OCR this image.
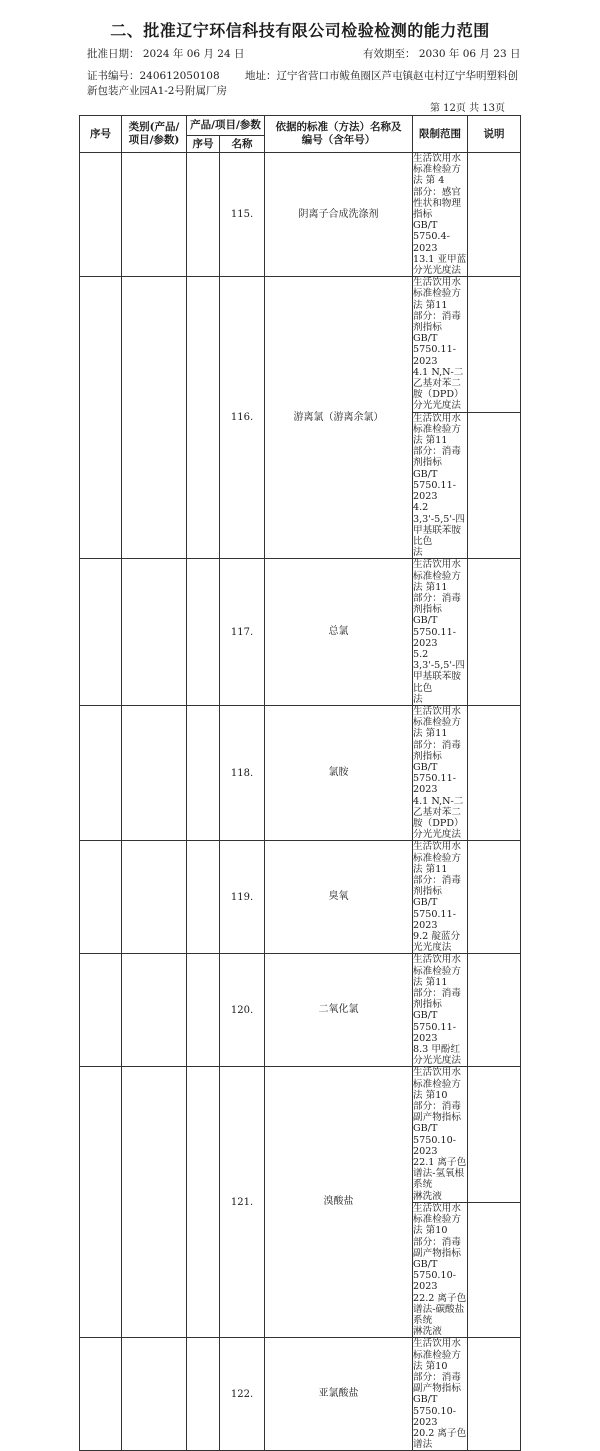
二、批准辽宁环信科技有限公司检验检测的能力范围
批准日期： 2024 年 06 月 24 日	有效期至： 2030 年 06 月 23 日
证书编号：240612050108 地址：辽宁省营口市鲅鱼圈区芦屯镇赵屯村辽宁华明塑料创
新包装产业园A1-2号附属厂房
第 12页 共 13页
序号	类别(产品/项目/参数)	产品/项目/参数		依据的标准（方法）名称及编号（含年号）	限制范围	说明	
		序号	名称				
			115.	阴离子合成洗涤剂	生活饮用水标准检验方法 第 4
部分：感官性状和物理指标
GB/T 5750.4-2023
13.1 亚甲蓝分光光度法		

			116.	游离氯（游离余氯）	生活饮用水标准检验方法 第11
部分：消毒剂指标
GB/T 5750.11-2023
4.1 N,N-二乙基对苯二胺（DPD）
分光光度法		

					生活饮用水标准检验方法 第11
部分：消毒剂指标
GB/T 5750.11-2023
4.2 3,3'-5,5'-四甲基联苯胺比色
法		

			117.	总氯	生活饮用水标准检验方法 第11
部分：消毒剂指标
GB/T 5750.11-2023
5.2 3,3'-5,5'-四甲基联苯胺比色
法		

			118.	氯胺	生活饮用水标准检验方法 第11
部分：消毒剂指标
GB/T 5750.11-2023
4.1 N,N-二乙基对苯二胺（DPD）
分光光度法		

			119.	臭氧	生活饮用水标准检验方法 第11
部分：消毒剂指标
GB/T 5750.11-2023
9.2 靛蓝分光光度法		

			120.	二氧化氯	生活饮用水标准检验方法 第11
部分：消毒剂指标
GB/T 5750.11-2023
8.3 甲酚红分光光度法		

			121.	溴酸盐	生活饮用水标准检验方法 第10
部分：消毒副产物指标
GB/T 5750.10-2023
22.1 离子色谱法-氢氧根系统
淋洗液		

					生活饮用水标准检验方法 第10
部分：消毒副产物指标
GB/T 5750.10-2023
22.2 离子色谱法-碳酸盐系统
淋洗液		

			122.	亚氯酸盐	生活饮用水标准检验方法 第10
部分：消毒副产物指标
GB/T 5750.10-2023
20.2 离子色谱法		
